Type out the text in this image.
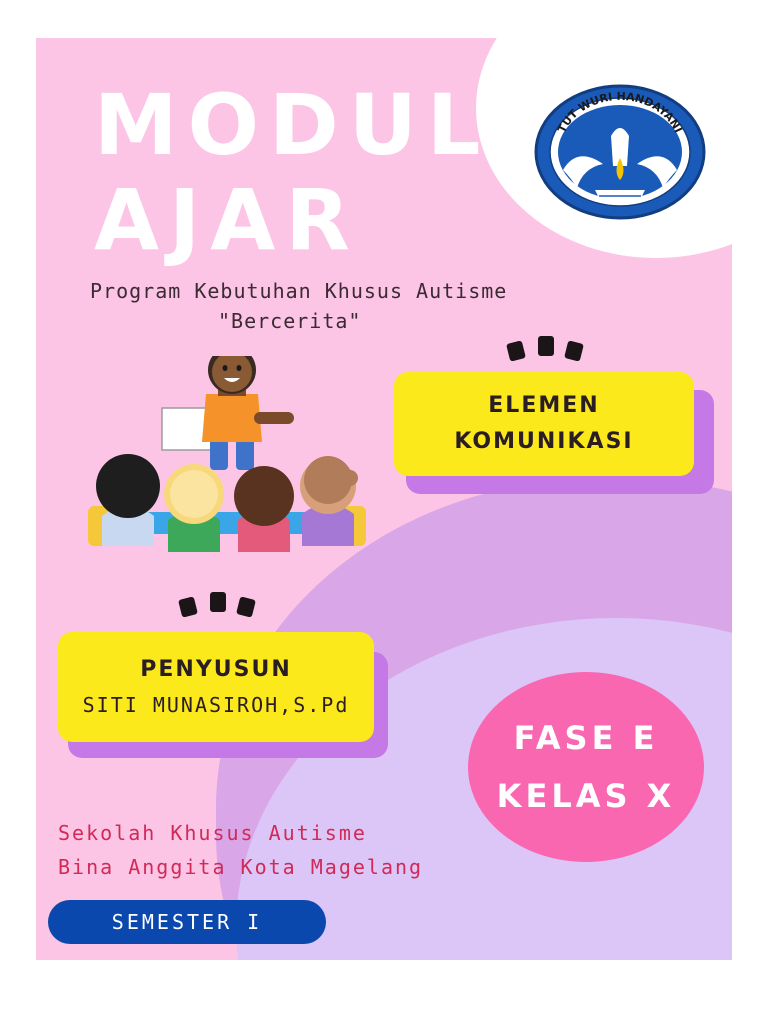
MODUL
AJAR
Program Kebutuhan Khusus Autisme
"Bercerita"
TUT WURI HANDAYANI
ELEMEN
KOMUNIKASI
PENYUSUN
SITI MUNASIROH,S.Pd
FASE E
KELAS X
Sekolah Khusus Autisme
Bina Anggita Kota Magelang
SEMESTER I
